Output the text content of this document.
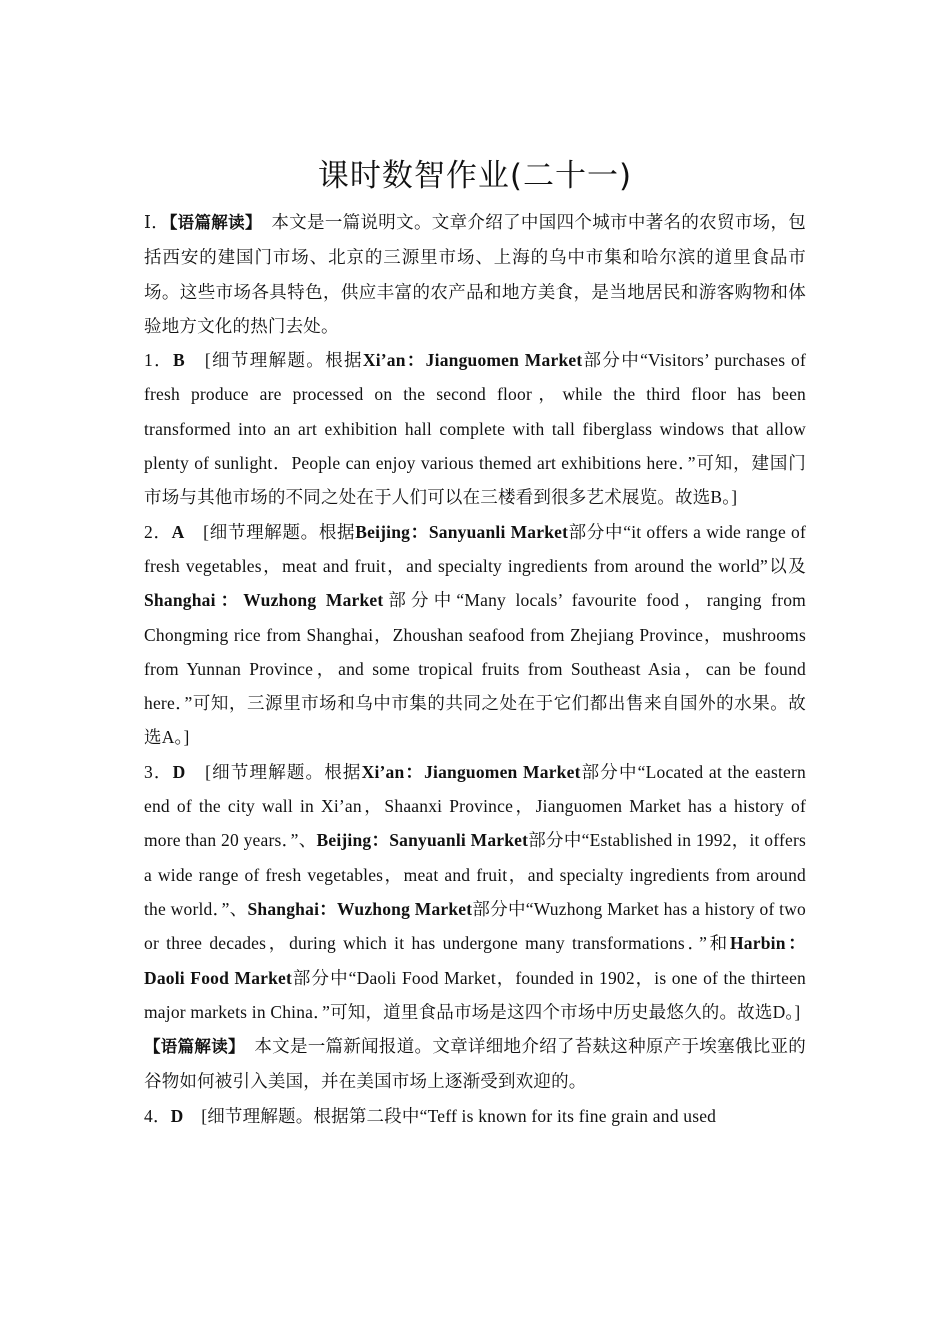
课时数智作业(二十一)

Ⅰ．【语篇解读】　本文是一篇说明文。文章介绍了中国四个城市中著名的农贸市场，包括西安的建国门市场、北京的三源里市场、上海的乌中市集和哈尔滨的道里食品市场。这些市场各具特色，供应丰富的农产品和地方美食，是当地居民和游客购物和体验地方文化的热门去处。

1．B　[细节理解题。根据Xi’an：Jianguomen Market部分中“Visitors’ purchases of fresh produce are processed on the second floor，while the third floor has been transformed into an art exhibition hall complete with tall fiberglass windows that allow plenty of sunlight．People can enjoy various themed art exhibitions here．”可知，建国门市场与其他市场的不同之处在于人们可以在三楼看到很多艺术展览。故选B。]

2．A　[细节理解题。根据Beijing：Sanyuanli Market部分中“it offers a wide range of fresh vegetables，meat and fruit，and specialty ingredients from around the world”以及Shanghai：Wuzhong Market部分中“Many locals’ favourite food，ranging from Chongming rice from Shanghai，Zhoushan seafood from Zhejiang Province，mushrooms from Yunnan Province，and some tropical fruits from Southeast Asia，can be found here．”可知，三源里市场和乌中市集的共同之处在于它们都出售来自国外的水果。故选A。]

3．D　[细节理解题。根据Xi’an：Jianguomen Market部分中“Located at the eastern end of the city wall in Xi’an，Shaanxi Province，Jianguomen Market has a history of more than 20 years．”、Beijing：Sanyuanli Market部分中“Established in 1992，it offers a wide range of fresh vegetables，meat and fruit，and specialty ingredients from around the world．”、Shanghai：Wuzhong Market部分中“Wuzhong Market has a history of two or three decades，during which it has undergone many transformations．”和Harbin：Daoli Food Market部分中“Daoli Food Market，founded in 1902，is one of the thirteen major markets in China．”可知，道里食品市场是这四个市场中历史最悠久的。故选D。]

【语篇解读】　本文是一篇新闻报道。文章详细地介绍了苔麸这种原产于埃塞俄比亚的谷物如何被引入美国，并在美国市场上逐渐受到欢迎的。

4．D　[细节理解题。根据第二段中“Teff is known for its fine grain and used
